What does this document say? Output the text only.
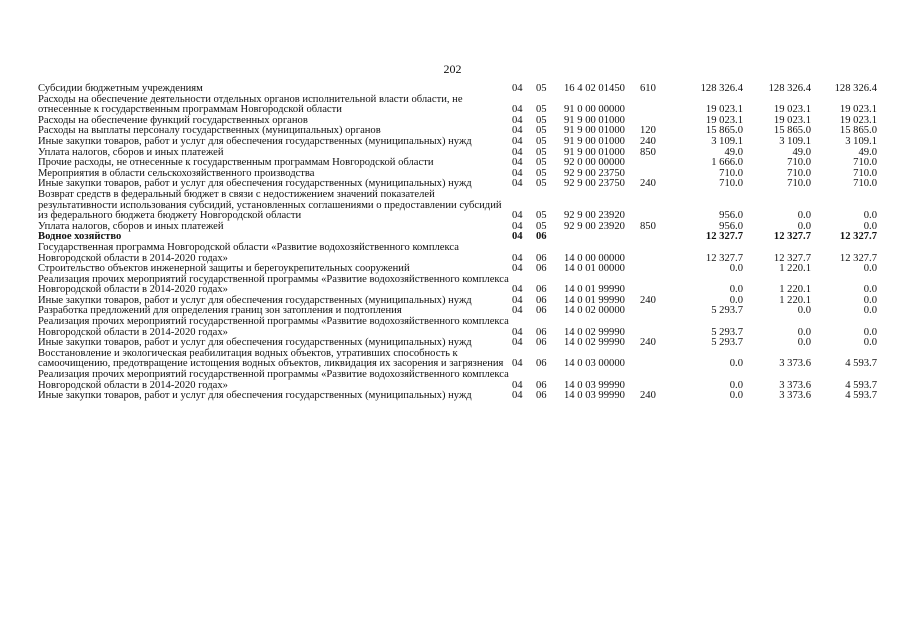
202
Субсидии бюджетным учреждениям	04	05	16 4 02 01450	610	128 326.4	128 326.4	128 326.4
Расходы на обеспечение деятельности отдельных органов исполнительной власти области, не отнесенные к государственным программам Новгородской области	04	05	91 0 00 00000		19 023.1	19 023.1	19 023.1
Расходы на обеспечение функций государственных органов	04	05	91 9 00 01000		19 023.1	19 023.1	19 023.1
Расходы на выплаты персоналу государственных (муниципальных) органов	04	05	91 9 00 01000	120	15 865.0	15 865.0	15 865.0
Иные закупки товаров, работ и услуг для обеспечения государственных (муниципальных) нужд	04	05	91 9 00 01000	240	3 109.1	3 109.1	3 109.1
Уплата налогов, сборов и иных платежей	04	05	91 9 00 01000	850	49.0	49.0	49.0
Прочие расходы, не отнесенные к государственным программам Новгородской области	04	05	92 0 00 00000		1 666.0	710.0	710.0
Мероприятия в области сельскохозяйственного производства	04	05	92 9 00 23750		710.0	710.0	710.0
Иные закупки товаров, работ и услуг для обеспечения государственных (муниципальных) нужд	04	05	92 9 00 23750	240	710.0	710.0	710.0
Возврат средств в федеральный бюджет в связи с недостижением значений показателей результативности использования субсидий, установленных соглашениями о предоставлении субсидий из федерального бюджета бюджету Новгородской области	04	05	92 9 00 23920		956.0	0.0	0.0
Уплата налогов, сборов и иных платежей	04	05	92 9 00 23920	850	956.0	0.0	0.0
Водное хозяйство	04	06			12 327.7	12 327.7	12 327.7
Государственная программа Новгородской области «Развитие водохозяйственного комплекса Новгородской области в 2014-2020 годах»	04	06	14 0 00 00000		12 327.7	12 327.7	12 327.7
Строительство объектов инженерной защиты и берегоукрепительных сооружений	04	06	14 0 01 00000		0.0	1 220.1	0.0
Реализация прочих мероприятий государственной программы «Развитие водохозяйственного комплекса Новгородской области в 2014-2020 годах»	04	06	14 0 01 99990		0.0	1 220.1	0.0
Иные закупки товаров, работ и услуг для обеспечения государственных (муниципальных) нужд	04	06	14 0 01 99990	240	0.0	1 220.1	0.0
Разработка предложений для определения границ зон затопления и подтопления	04	06	14 0 02 00000		5 293.7	0.0	0.0
Реализация прочих мероприятий государственной программы «Развитие водохозяйственного комплекса Новгородской области в 2014-2020 годах»	04	06	14 0 02 99990		5 293.7	0.0	0.0
Иные закупки товаров, работ и услуг для обеспечения государственных (муниципальных) нужд	04	06	14 0 02 99990	240	5 293.7	0.0	0.0
Восстановление и экологическая реабилитация водных объектов, утративших способность к самоочищению, предотвращение истощения водных объектов, ликвидация их засорения и загрязнения	04	06	14 0 03 00000		0.0	3 373.6	4 593.7
Реализация прочих мероприятий государственной программы «Развитие водохозяйственного комплекса Новгородской области в 2014-2020 годах»	04	06	14 0 03 99990		0.0	3 373.6	4 593.7
Иные закупки товаров, работ и услуг для обеспечения государственных (муниципальных) нужд	04	06	14 0 03 99990	240	0.0	3 373.6	4 593.7
